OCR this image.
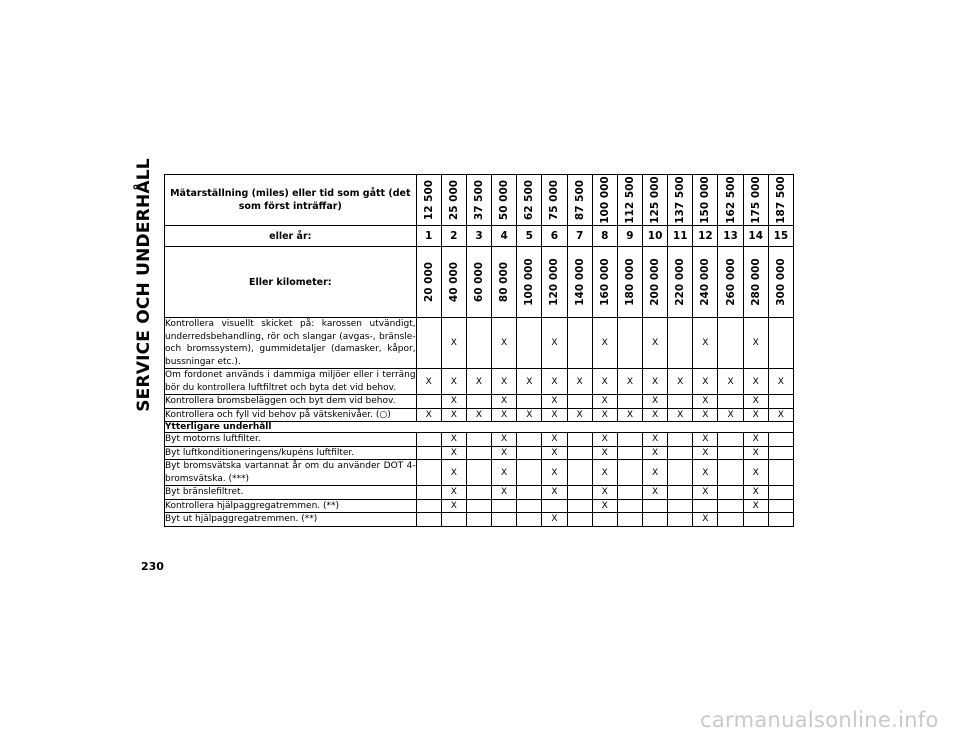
SERVICE OCH UNDERHÅLL Mätarställning (miles) eller tid som gått (det som först inträffar)	12 500	25 000	37 500	50 000	62 500	75 000	87 500	100 000	112 500	125 000	137 500	150 000	162 500	175 000	187 500

eller år:	1	2	3	4	5	6	7	8	9	10	11	12	13	14	15
Eller kilometer:	20 000	40 000	60 000	80 000	100 000	120 000	140 000	160 000	180 000	200 000	220 000	240 000	260 000	280 000	300 000

Kontrollera visuellt skicket på: karossen utvändigt, underredsbehandling, rör och slangar (avgas-, bränsle- och bromssystem), gummidetaljer (damasker, kåpor, bussningar etc.).		X		X		X		X		X		X		X	
Om fordonet används i dammiga miljöer eller i terräng bör du kontrollera luftfiltret och byta det vid behov.	X	X	X	X	X	X	X	X	X	X	X	X	X	X	X
Kontrollera bromsbeläggen och byt dem vid behov.		X		X		X		X		X		X		X	
Kontrollera och fyll vid behov på vätskenivåer. (○)	X	X	X	X	X	X	X	X	X	X	X	X	X	X	X
Ytterligare underhåll															
Byt motorns luftfilter.		X		X		X		X		X		X		X	
Byt luftkonditioneringens/kupéns luftfilter.		X		X		X		X		X		X		X	
Byt bromsvätska vartannat år om du använder DOT 4-bromsvätska. (***)		X		X		X		X		X		X		X	
Byt bränslefiltret.		X		X		X		X		X		X		X	
Kontrollera hjälpaggregatremmen. (**)		X						X						X	
Byt ut hjälpaggregatremmen. (**)						X						X			
230
carmanualsonline.info
